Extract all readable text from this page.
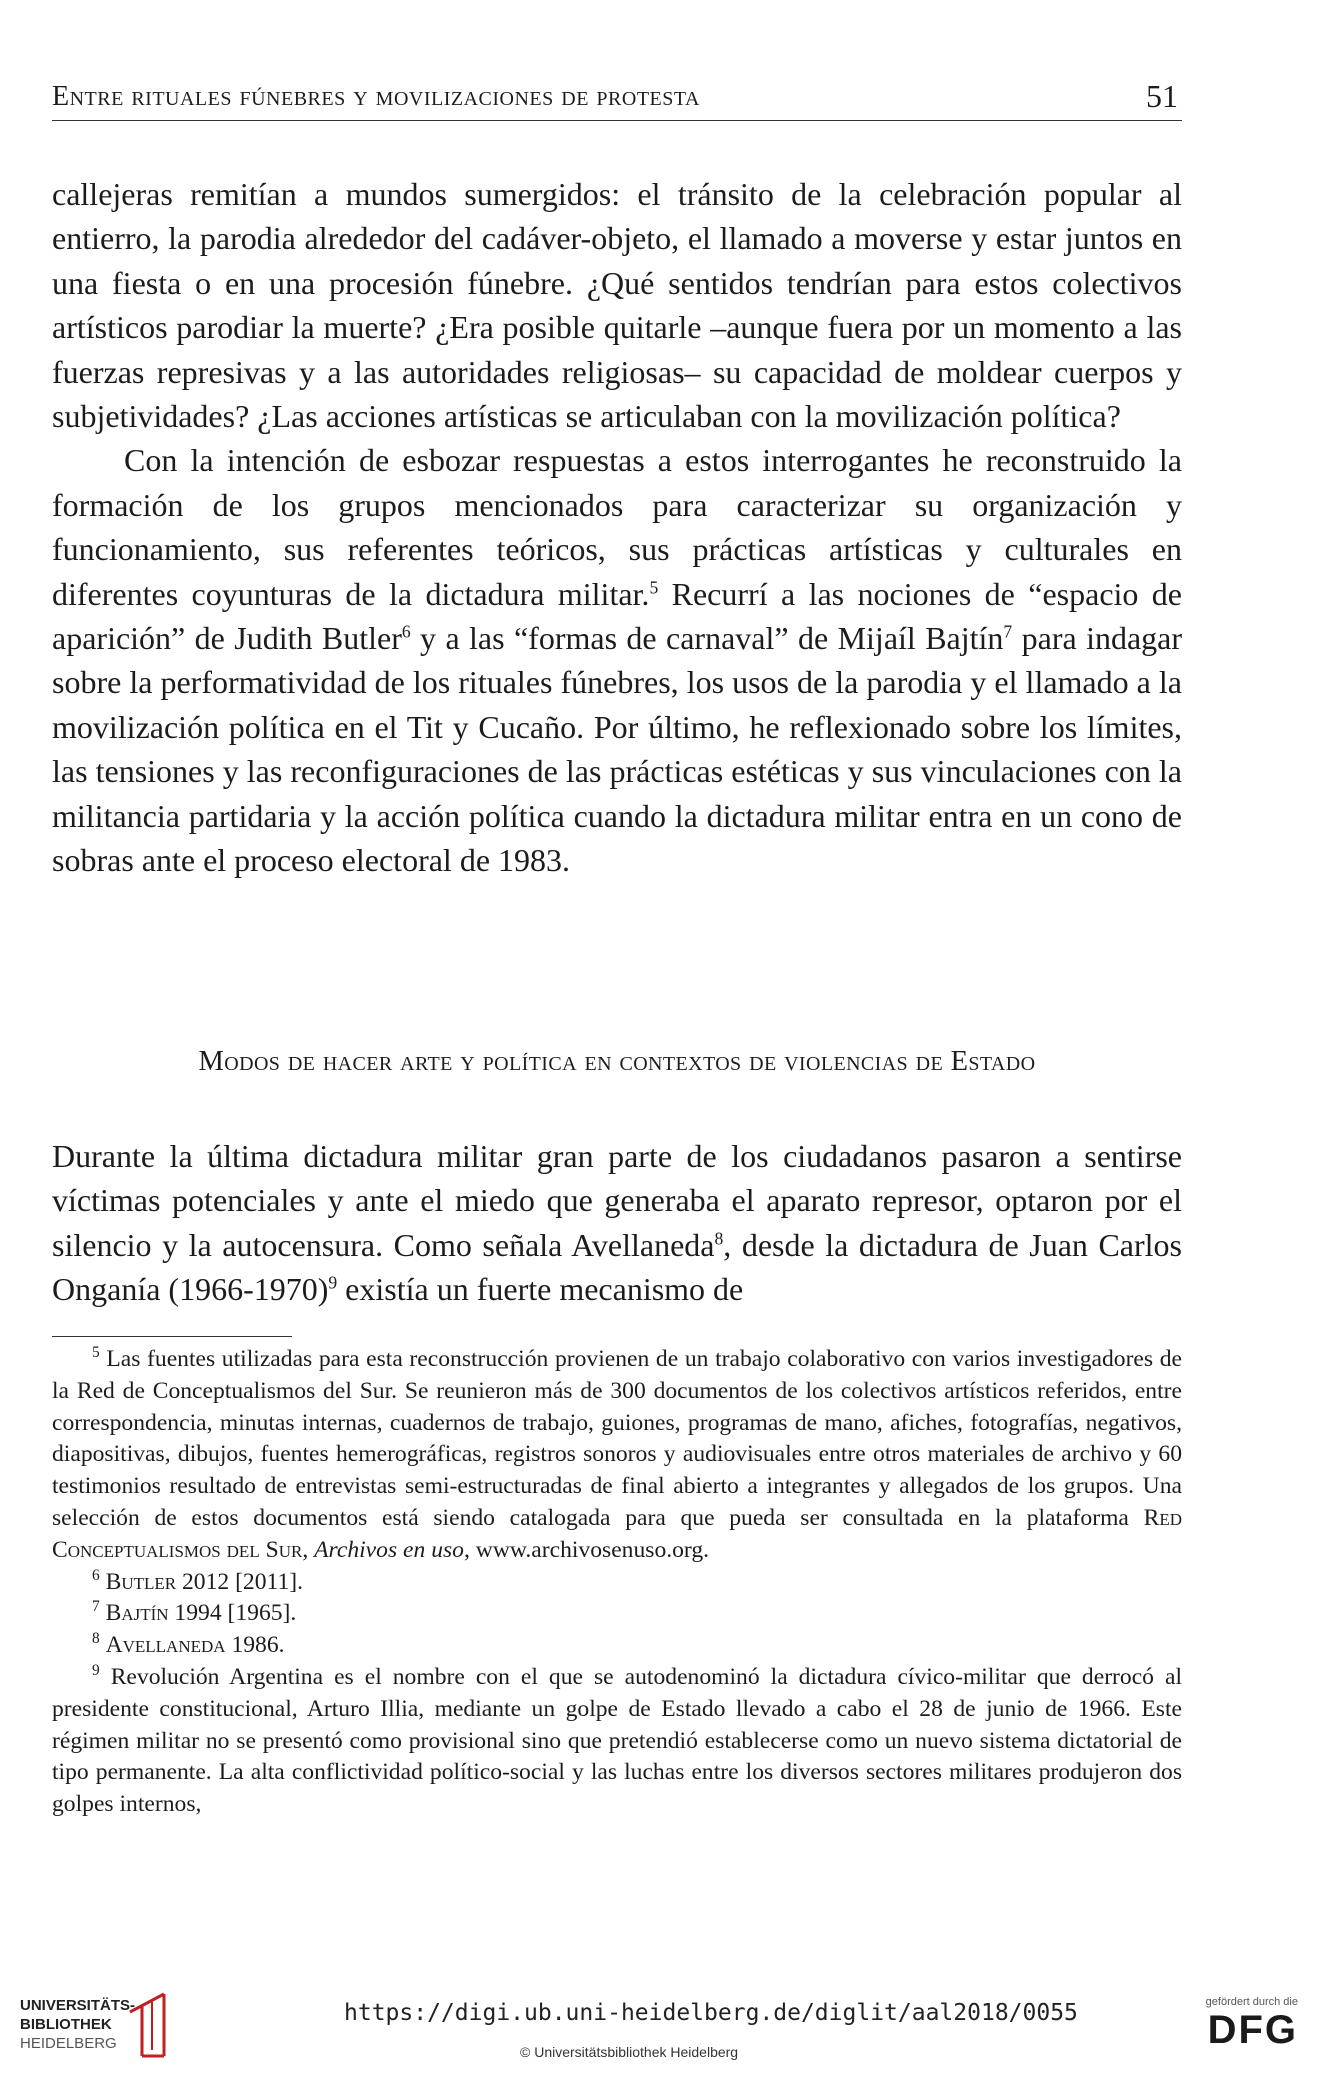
Entre rituales fúnebres y movilizaciones de protesta	51

callejeras remitían a mundos sumergidos: el tránsito de la celebración popular al entierro, la parodia alrededor del cadáver-objeto, el llamado a moverse y estar juntos en una fiesta o en una procesión fúnebre. ¿Qué sentidos tendrían para estos colectivos artísticos parodiar la muerte? ¿Era posible quitarle –aunque fuera por un momento a las fuerzas represivas y a las autoridades religiosas– su capacidad de moldear cuerpos y subjetividades? ¿Las acciones artísticas se articulaban con la movilización política?

Con la intención de esbozar respuestas a estos interrogantes he reconstruido la formación de los grupos mencionados para caracterizar su organización y funcionamiento, sus referentes teóricos, sus prácticas artísticas y culturales en diferentes coyunturas de la dictadura militar.$^5$ Recurrí a las nociones de “espacio de aparición” de Judith Butler$^6$ y a las “formas de carnaval” de Mijaíl Bajtín$^7$ para indagar sobre la performatividad de los rituales fúnebres, los usos de la parodia y el llamado a la movilización política en el Tit y Cucaño. Por último, he reflexionado sobre los límites, las tensiones y las reconfiguraciones de las prácticas estéticas y sus vinculaciones con la militancia partidaria y la acción política cuando la dictadura militar entra en un cono de sobras ante el proceso electoral de 1983.

Modos de hacer arte y política en contextos de violencias de Estado

Durante la última dictadura militar gran parte de los ciudadanos pasaron a sentirse víctimas potenciales y ante el miedo que generaba el aparato represor, optaron por el silencio y la autocensura. Como señala Avellaneda$^8$, desde la dictadura de Juan Carlos Onganía (1966-1970)$^9$ existía un fuerte mecanismo de

$^5$ Las fuentes utilizadas para esta reconstrucción provienen de un trabajo colaborativo con varios investigadores de la Red de Conceptualismos del Sur. Se reunieron más de 300 documentos de los colectivos artísticos referidos, entre correspondencia, minutas internas, cuadernos de trabajo, guiones, programas de mano, afiches, fotografías, negativos, diapositivas, dibujos, fuentes hemerográficas, registros sonoros y audiovisuales entre otros materiales de archivo y 60 testimonios resultado de entrevistas semi-estructuradas de final abierto a integrantes y allegados de los grupos. Una selección de estos documentos está siendo catalogada para que pueda ser consultada en la plataforma Red Conceptualismos del Sur, Archivos en uso, www.archivosenuso.org.

$^6$ Butler 2012 [2011].

$^7$ Bajtín 1994 [1965].

$^8$ Avellaneda 1986.

$^9$ Revolución Argentina es el nombre con el que se autodenominó la dictadura cívico-militar que derrocó al presidente constitucional, Arturo Illia, mediante un golpe de Estado llevado a cabo el 28 de junio de 1966. Este régimen militar no se presentó como provisional sino que pretendió establecerse como un nuevo sistema dictatorial de tipo permanente. La alta conflictividad político-social y las luchas entre los diversos sectores militares produjeron dos golpes internos,

UNIVERSITÄTS-
BIBLIOTHEK
HEIDELBERG
https://digi.ub.uni-heidelberg.de/diglit/aal2018/0055
© Universitätsbibliothek Heidelberg
gefördert durch die
DFG
